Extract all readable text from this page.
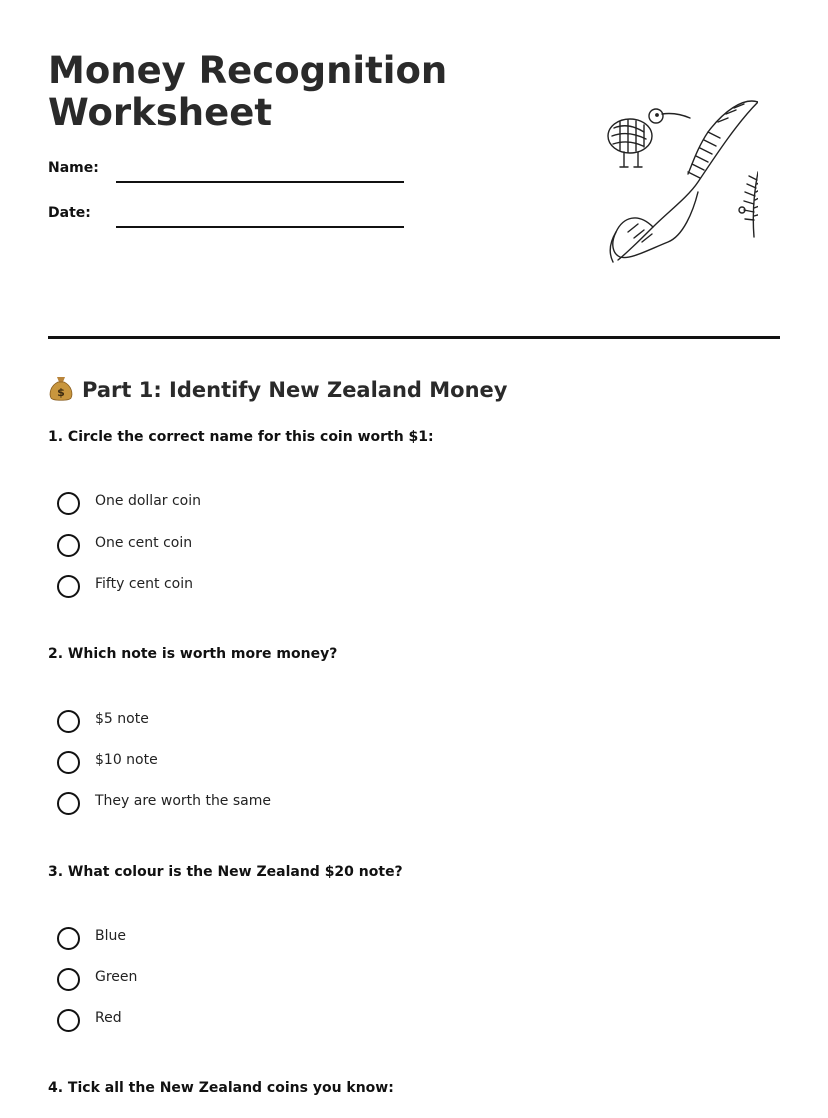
Money Recognition
Worksheet
Name:
Date:
$ Part 1: Identify New Zealand Money

1. Circle the correct name for this coin worth $1:

One dollar coin
One cent coin
Fifty cent coin

2. Which note is worth more money?

$5 note
$10 note
They are worth the same

3. What colour is the New Zealand $20 note?

Blue
Green
Red

4. Tick all the New Zealand coins you know:
